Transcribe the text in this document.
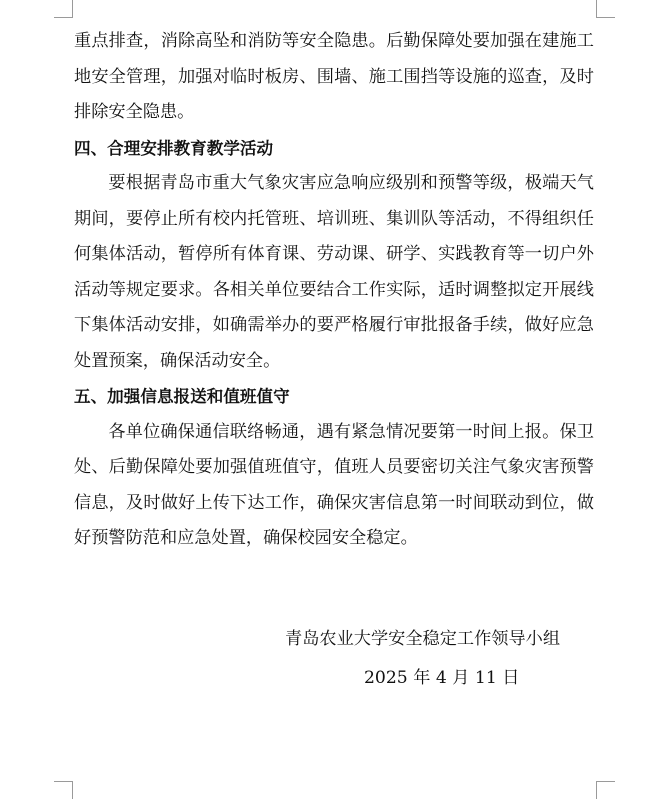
重点排查，消除高坠和消防等安全隐患。后勤保障处要加强在建施工地安全管理，加强对临时板房、围墙、施工围挡等设施的巡查，及时排除安全隐患。

四、合理安排教育教学活动

要根据青岛市重大气象灾害应急响应级别和预警等级，极端天气期间，要停止所有校内托管班、培训班、集训队等活动，不得组织任何集体活动，暂停所有体育课、劳动课、研学、实践教育等一切户外活动等规定要求。各相关单位要结合工作实际，适时调整拟定开展线下集体活动安排，如确需举办的要严格履行审批报备手续，做好应急处置预案，确保活动安全。

五、加强信息报送和值班值守

各单位确保通信联络畅通，遇有紧急情况要第一时间上报。保卫处、后勤保障处要加强值班值守，值班人员要密切关注气象灾害预警信息，及时做好上传下达工作，确保灾害信息第一时间联动到位，做好预警防范和应急处置，确保校园安全稳定。

青岛农业大学安全稳定工作领导小组
2025 年 4 月 11 日
